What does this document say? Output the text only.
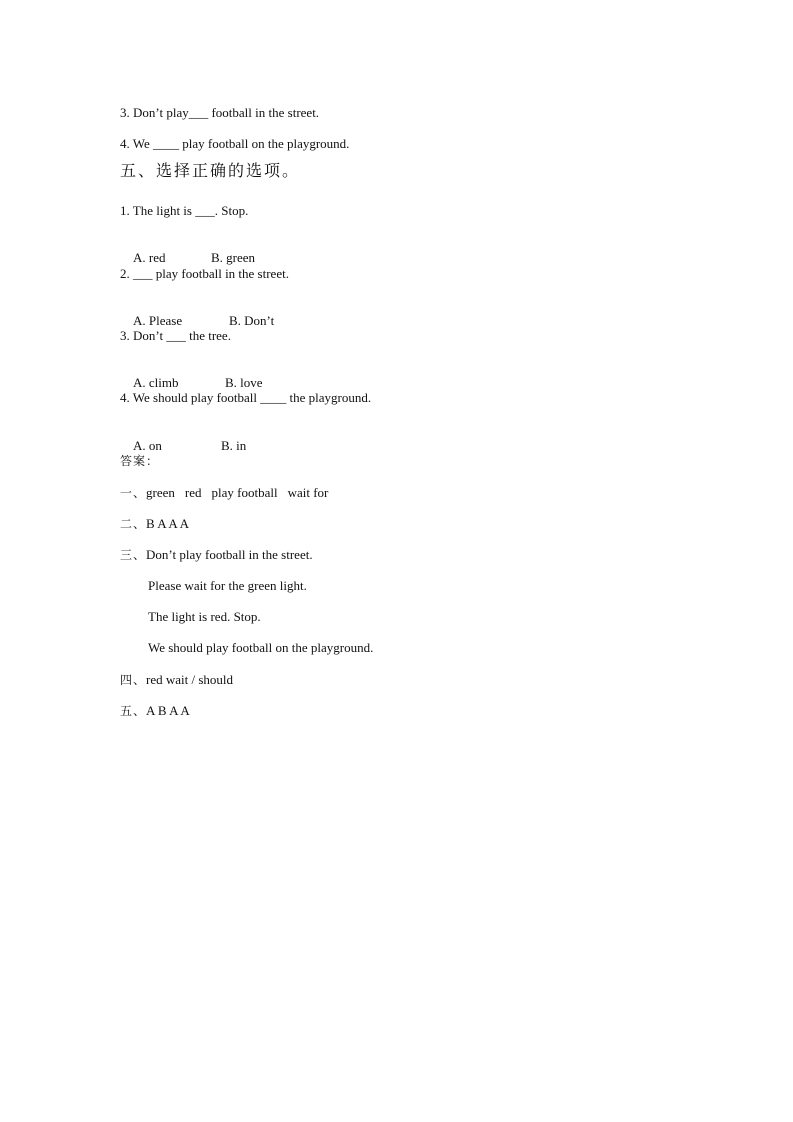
3. Don’t play___ football in the street.
4. We ____ play football on the playground.
五、选择正确的选项。
1. The light is ___. Stop.

A. red	B. green

2. ___ play football in the street.

A. Please	B. Don’t

3. Don’t ___ the tree.

A. climb	B. love

4. We should play football ____ the playground.

A. on	B. in

答案：
一、green red play football wait for
二、B A A A
三、Don’t play football in the street.
Please wait for the green light.
The light is red. Stop.
We should play football on the playground.
四、red wait / should
五、A B A A
